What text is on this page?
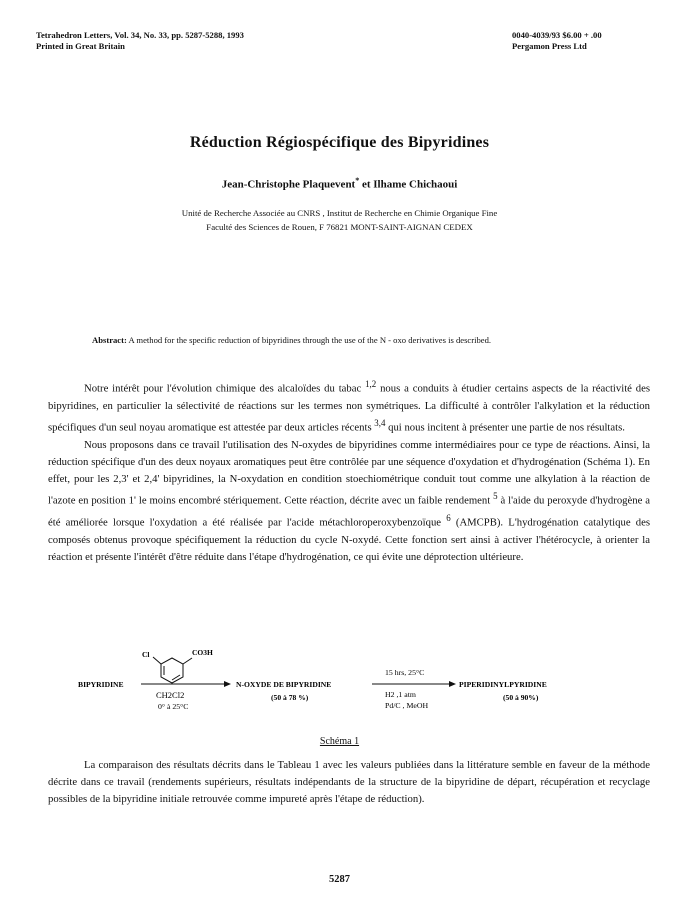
Tetrahedron Letters, Vol. 34, No. 33, pp. 5287-5288, 1993
Printed in Great Britain
0040-4039/93 $6.00 + .00
Pergamon Press Ltd
Réduction Régiospécifique des Bipyridines
Jean-Christophe Plaquevent* et Ilhame Chichaoui
Unité de Recherche Associée au CNRS , Institut de Recherche en Chimie Organique Fine
Faculté des Sciences de Rouen, F 76821 MONT-SAINT-AIGNAN CEDEX
Abstract: A method for the specific reduction of bipyridines through the use of the N - oxo derivatives is described.

Notre intérêt pour l'évolution chimique des alcaloïdes du tabac $^{1,2}$ nous a conduits à étudier certains aspects de la réactivité des bipyridines, en particulier la sélectivité de réactions sur les termes non symétriques. La difficulté à contrôler l'alkylation et la réduction spécifiques d'un seul noyau aromatique est attestée par deux articles récents $^{3,4}$ qui nous incitent à présenter une partie de nos résultats.

Nous proposons dans ce travail l'utilisation des N-oxydes de bipyridines comme intermédiaires pour ce type de réactions. Ainsi, la réduction spécifique d'un des deux noyaux aromatiques peut être contrôlée par une séquence d'oxydation et d'hydrogénation (Schéma 1). En effet, pour les 2,3' et 2,4' bipyridines, la N-oxydation en condition stoechiométrique conduit tout comme une alkylation à la réaction de l'azote en position 1' le moins encombré stériquement. Cette réaction, décrite avec un faible rendement $^5$ à l'aide du peroxyde d'hydrogène a été améliorée lorsque l'oxydation a été réalisée par l'acide métachloroperoxybenzoïque $^6$ (AMCPB). L'hydrogénation catalytique des composés obtenus provoque spécifiquement la réduction du cycle N-oxydé. Cette fonction sert ainsi à activer l'hétérocycle, à orienter la réaction et présente l'intérêt d'être réduite dans l'étape d'hydrogénation, ce qui évite une déprotection ultérieure.

Cl	CO3H
BIPYRIDINE
CH2Cl2
0° à 25°C
N-OXYDE DE BIPYRIDINE
(50 à 78 %)
15 hrs, 25°C
H2 ,1 atm
Pd/C , MeOH
PIPERIDINYLPYRIDINE
(50 à 90%)
Schéma 1

La comparaison des résultats décrits dans le Tableau 1 avec les valeurs publiées dans la littérature semble en faveur de la méthode décrite dans ce travail (rendements supérieurs, résultats indépendants de la structure de la bipyridine de départ, récupération et recyclage possibles de la bipyridine initiale retrouvée comme impureté après l'étape de réduction).

5287
